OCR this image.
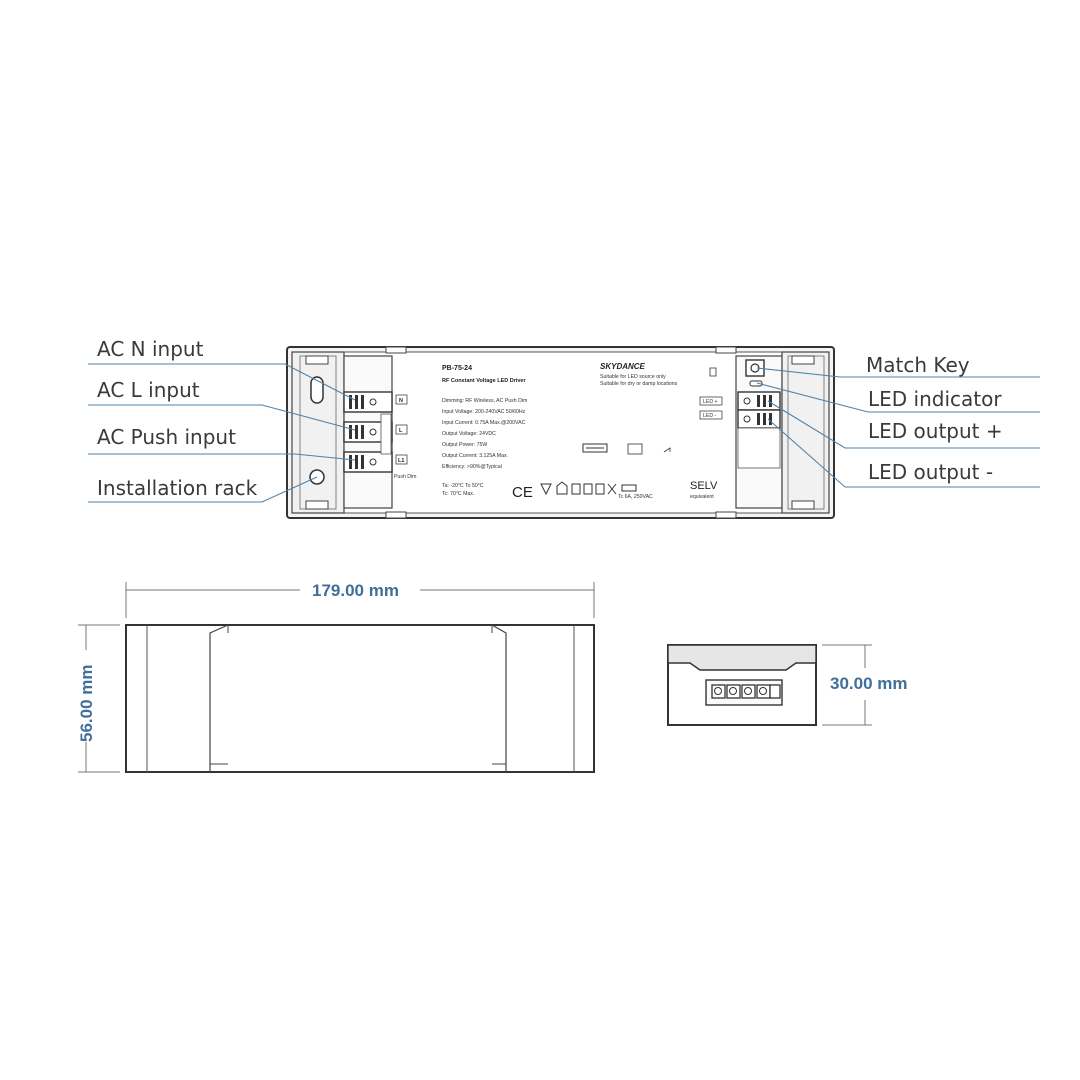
N
L
L1
Push Dim
PB-75-24
RF Constant Voltage LED Driver
SKYDANCE
Suitable for LED source only
Suitable for dry or damp locations
Dimming: RF Wireless, AC Push Dim
Input Voltage: 200-240VAC 50/60Hz
Input Current: 0.75A Max.@200VAC
Output Voltage: 24VDC
Output Power: 75W
Output Current: 3.125A Max.
Efficiency: >90%@Typical
Ta: -20°C To 50°C
Tc: 70°C Max.	CE	Tc 6A, 250VAC
SELV
equivalent
LED +
LED -
AC N input
AC L input
AC Push input
Installation rack
Match Key
LED indicator
LED output +
LED output -
179.00 mm
56.00 mm	30.00 mm
